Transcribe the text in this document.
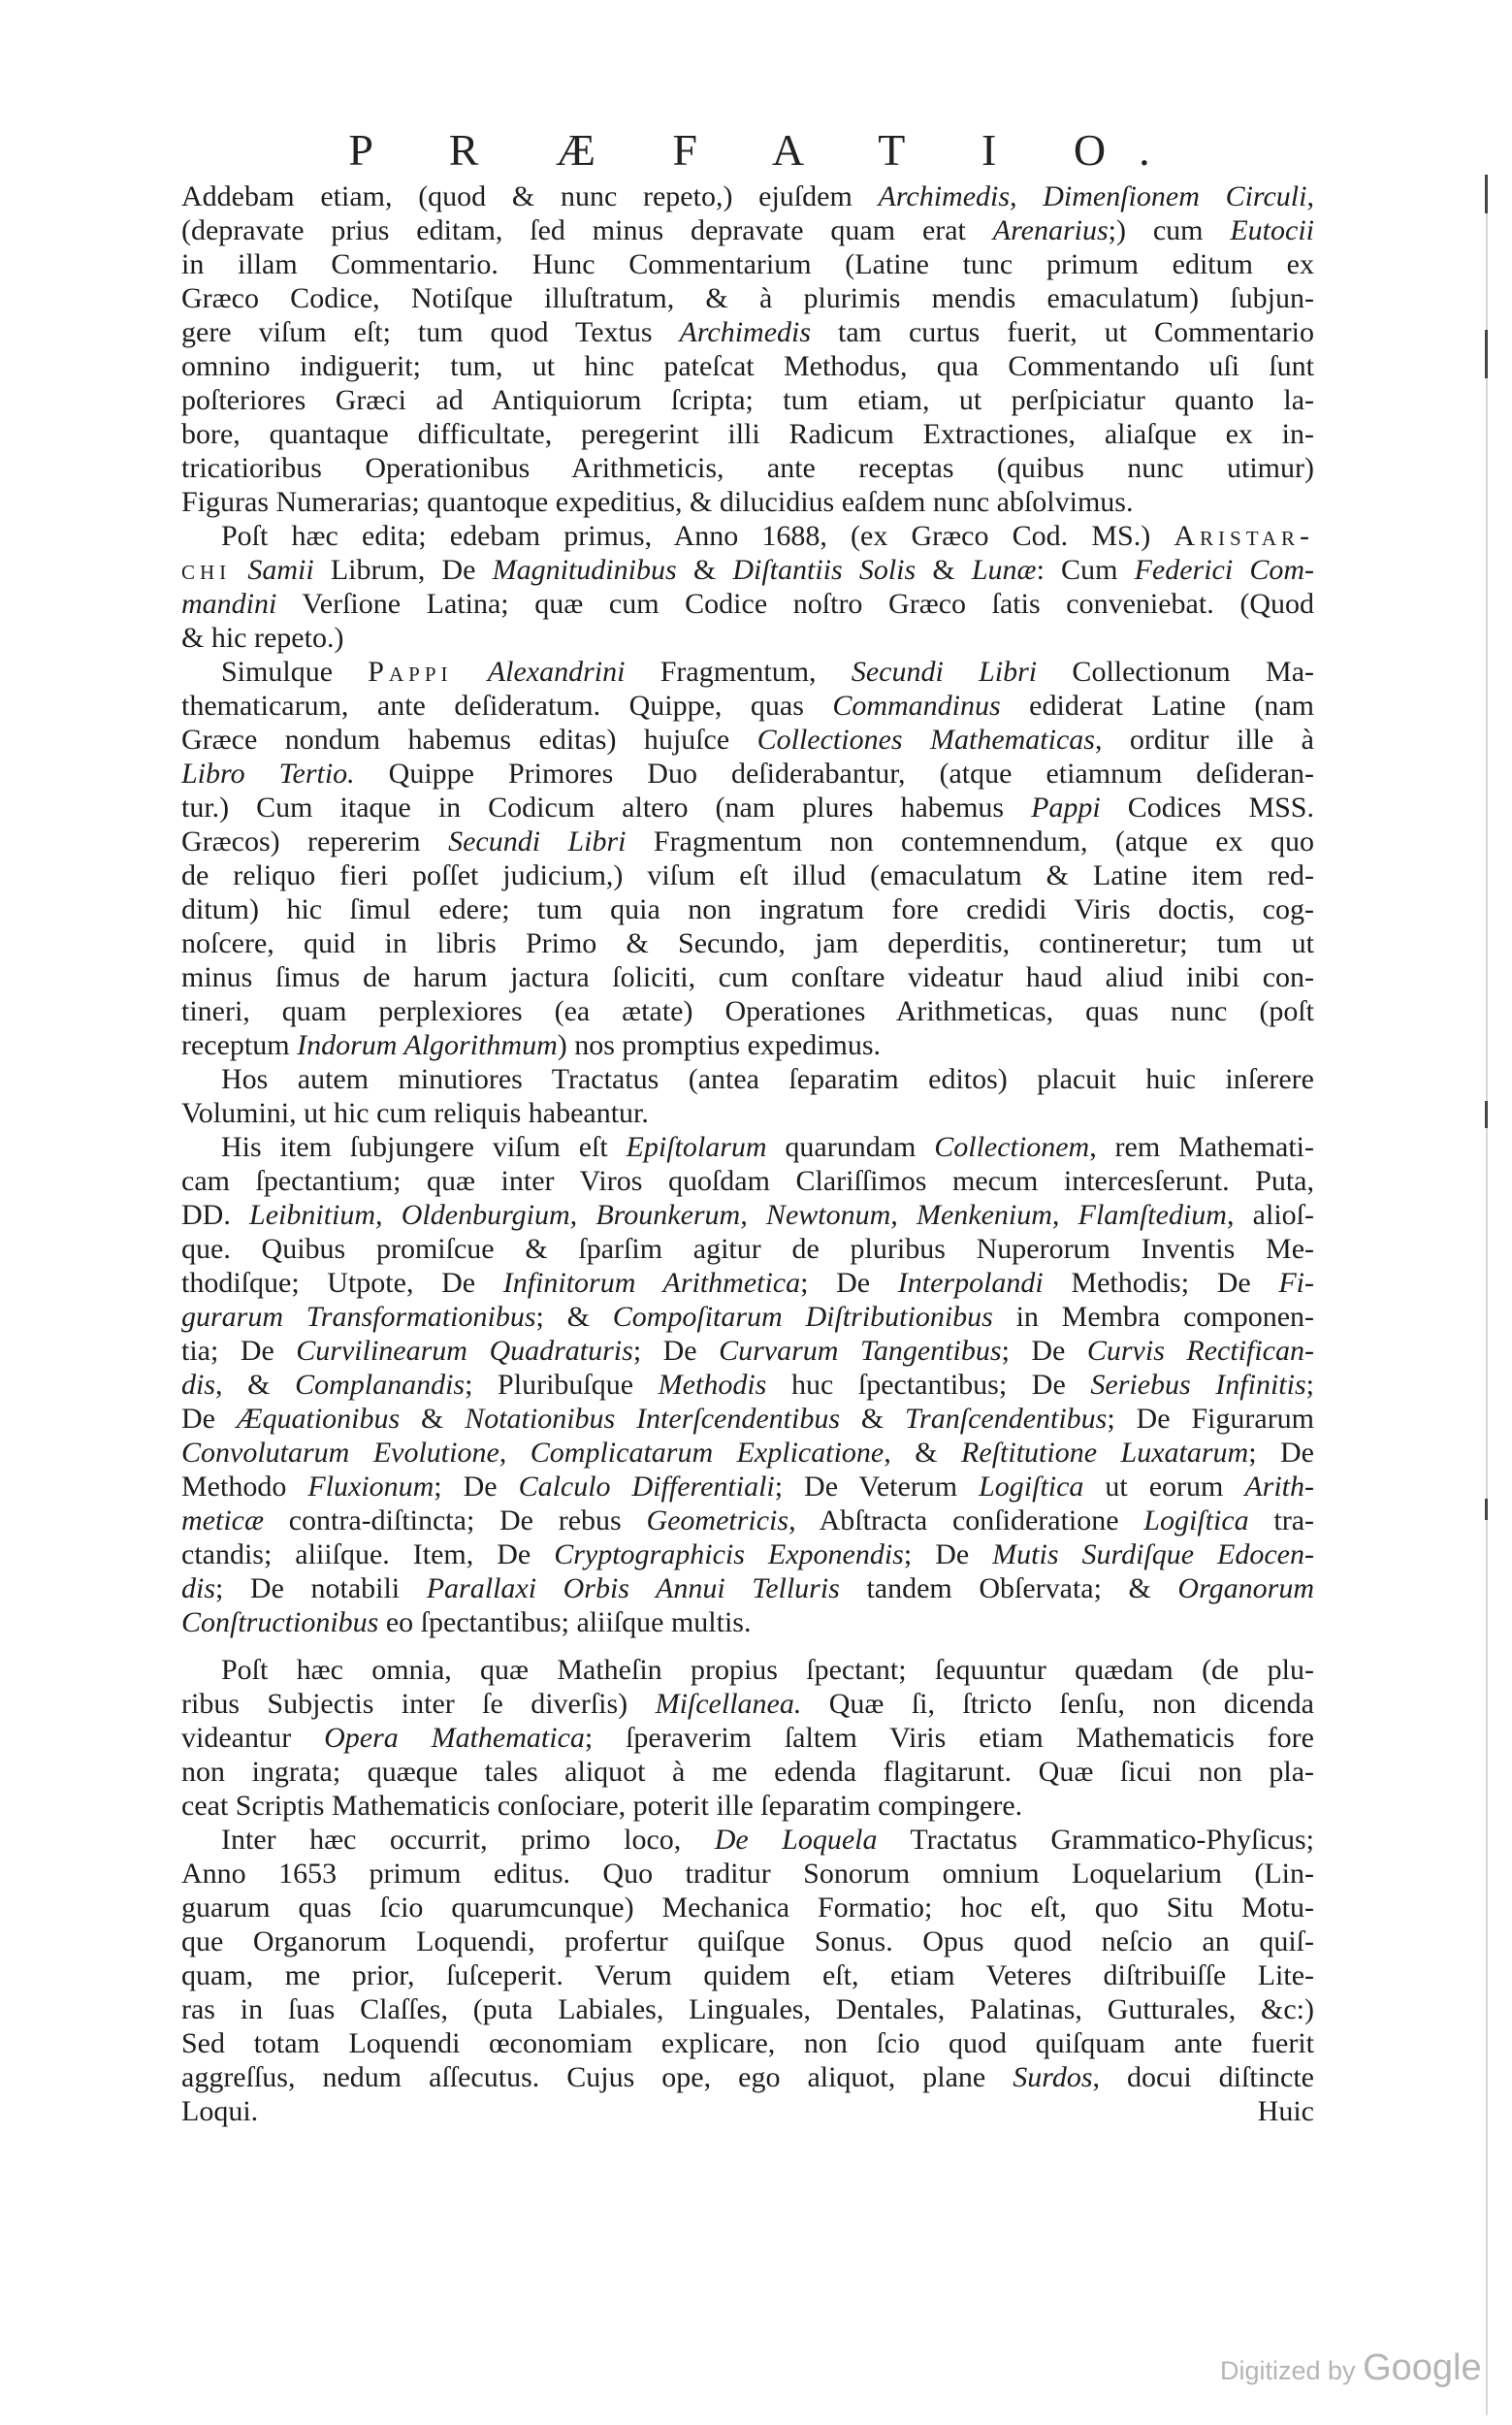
P R Æ F A T I O.
Addebam etiam, (quod & nunc repeto,) ejuſdem Archimedis, Dimenſionem Circuli,
(depravate prius editam, ſed minus depravate quam erat Arenarius;) cum Eutocii
in illam Commentario. Hunc Commentarium (Latine tunc primum editum ex
Græco Codice, Notiſque illuſtratum, & à plurimis mendis emaculatum) ſubjun-
gere viſum eſt; tum quod Textus Archimedis tam curtus fuerit, ut Commentario
omnino indiguerit; tum, ut hinc pateſcat Methodus, qua Commentando uſi ſunt
poſteriores Græci ad Antiquiorum ſcripta; tum etiam, ut perſpiciatur quanto la-
bore, quantaque difficultate, peregerint illi Radicum Extractiones, aliaſque ex in-
tricatioribus Operationibus Arithmeticis, ante receptas (quibus nunc utimur)
Figuras Numerarias; quantoque expeditius, & dilucidius eaſdem nunc abſolvimus.
Poſt hæc edita; edebam primus, Anno 1688, (ex Græco Cod. MS.) Aristar-
chi Samii Librum, De Magnitudinibus & Diſtantiis Solis & Lunæ: Cum Federici Com-
mandini Verſione Latina; quæ cum Codice noſtro Græco ſatis conveniebat. (Quod
& hic repeto.)
Simulque Pappi Alexandrini Fragmentum, Secundi Libri Collectionum Ma-
thematicarum, ante deſideratum. Quippe, quas Commandinus ediderat Latine (nam
Græce nondum habemus editas) hujuſce Collectiones Mathematicas, orditur ille à
Libro Tertio. Quippe Primores Duo deſiderabantur, (atque etiamnum deſideran-
tur.) Cum itaque in Codicum altero (nam plures habemus Pappi Codices MSS.
Græcos) repererim Secundi Libri Fragmentum non contemnendum, (atque ex quo
de reliquo fieri poſſet judicium,) viſum eſt illud (emaculatum & Latine item red-
ditum) hic ſimul edere; tum quia non ingratum fore credidi Viris doctis, cog-
noſcere, quid in libris Primo & Secundo, jam deperditis, contineretur; tum ut
minus ſimus de harum jactura ſoliciti, cum conſtare videatur haud aliud inibi con-
tineri, quam perplexiores (ea ætate) Operationes Arithmeticas, quas nunc (poſt
receptum Indorum Algorithmum) nos promptius expedimus.
Hos autem minutiores Tractatus (antea ſeparatim editos) placuit huic inſerere
Volumini, ut hic cum reliquis habeantur.
His item ſubjungere viſum eſt Epiſtolarum quarundam Collectionem, rem Mathemati-
cam ſpectantium; quæ inter Viros quoſdam Clariſſimos mecum intercesſerunt. Puta,
DD. Leibnitium, Oldenburgium, Brounkerum, Newtonum, Menkenium, Flamſtedium, alioſ-
que. Quibus promiſcue & ſparſim agitur de pluribus Nuperorum Inventis Me-
thodiſque; Utpote, De Infinitorum Arithmetica; De Interpolandi Methodis; De Fi-
gurarum Transformationibus; & Compoſitarum Diſtributionibus in Membra componen-
tia; De Curvilinearum Quadraturis; De Curvarum Tangentibus; De Curvis Rectifican-
dis, & Complanandis; Pluribuſque Methodis huc ſpectantibus; De Seriebus Infinitis;
De Æquationibus & Notationibus Interſcendentibus & Tranſcendentibus; De Figurarum
Convolutarum Evolutione, Complicatarum Explicatione, & Reſtitutione Luxatarum; De
Methodo Fluxionum; De Calculo Differentiali; De Veterum Logiſtica ut eorum Arith-
meticæ contra-diſtincta; De rebus Geometricis, Abſtracta conſideratione Logiſtica tra-
ctandis; aliiſque. Item, De Cryptographicis Exponendis; De Mutis Surdiſque Edocen-
dis; De notabili Parallaxi Orbis Annui Telluris tandem Obſervata; & Organorum
Conſtructionibus eo ſpectantibus; aliiſque multis.
Poſt hæc omnia, quæ Matheſin propius ſpectant; ſequuntur quædam (de plu-
ribus Subjectis inter ſe diverſis) Miſcellanea. Quæ ſi, ſtricto ſenſu, non dicenda
videantur Opera Mathematica; ſperaverim ſaltem Viris etiam Mathematicis fore
non ingrata; quæque tales aliquot à me edenda flagitarunt. Quæ ſicui non pla-
ceat Scriptis Mathematicis conſociare, poterit ille ſeparatim compingere.
Inter hæc occurrit, primo loco, De Loquela Tractatus Grammatico-Phyſicus;
Anno 1653 primum editus. Quo traditur Sonorum omnium Loquelarium (Lin-
guarum quas ſcio quarumcunque) Mechanica Formatio; hoc eſt, quo Situ Motu-
que Organorum Loquendi, profertur quiſque Sonus. Opus quod neſcio an quiſ-
quam, me prior, ſuſceperit. Verum quidem eſt, etiam Veteres diſtribuiſſe Lite-
ras in ſuas Claſſes, (puta Labiales, Linguales, Dentales, Palatinas, Gutturales, &c:)
Sed totam Loquendi œconomiam explicare, non ſcio quod quiſquam ante fuerit
aggreſſus, nedum aſſecutus. Cujus ope, ego aliquot, plane Surdos, docui diſtincte
Loqui.	Huic
Digitized by Google
